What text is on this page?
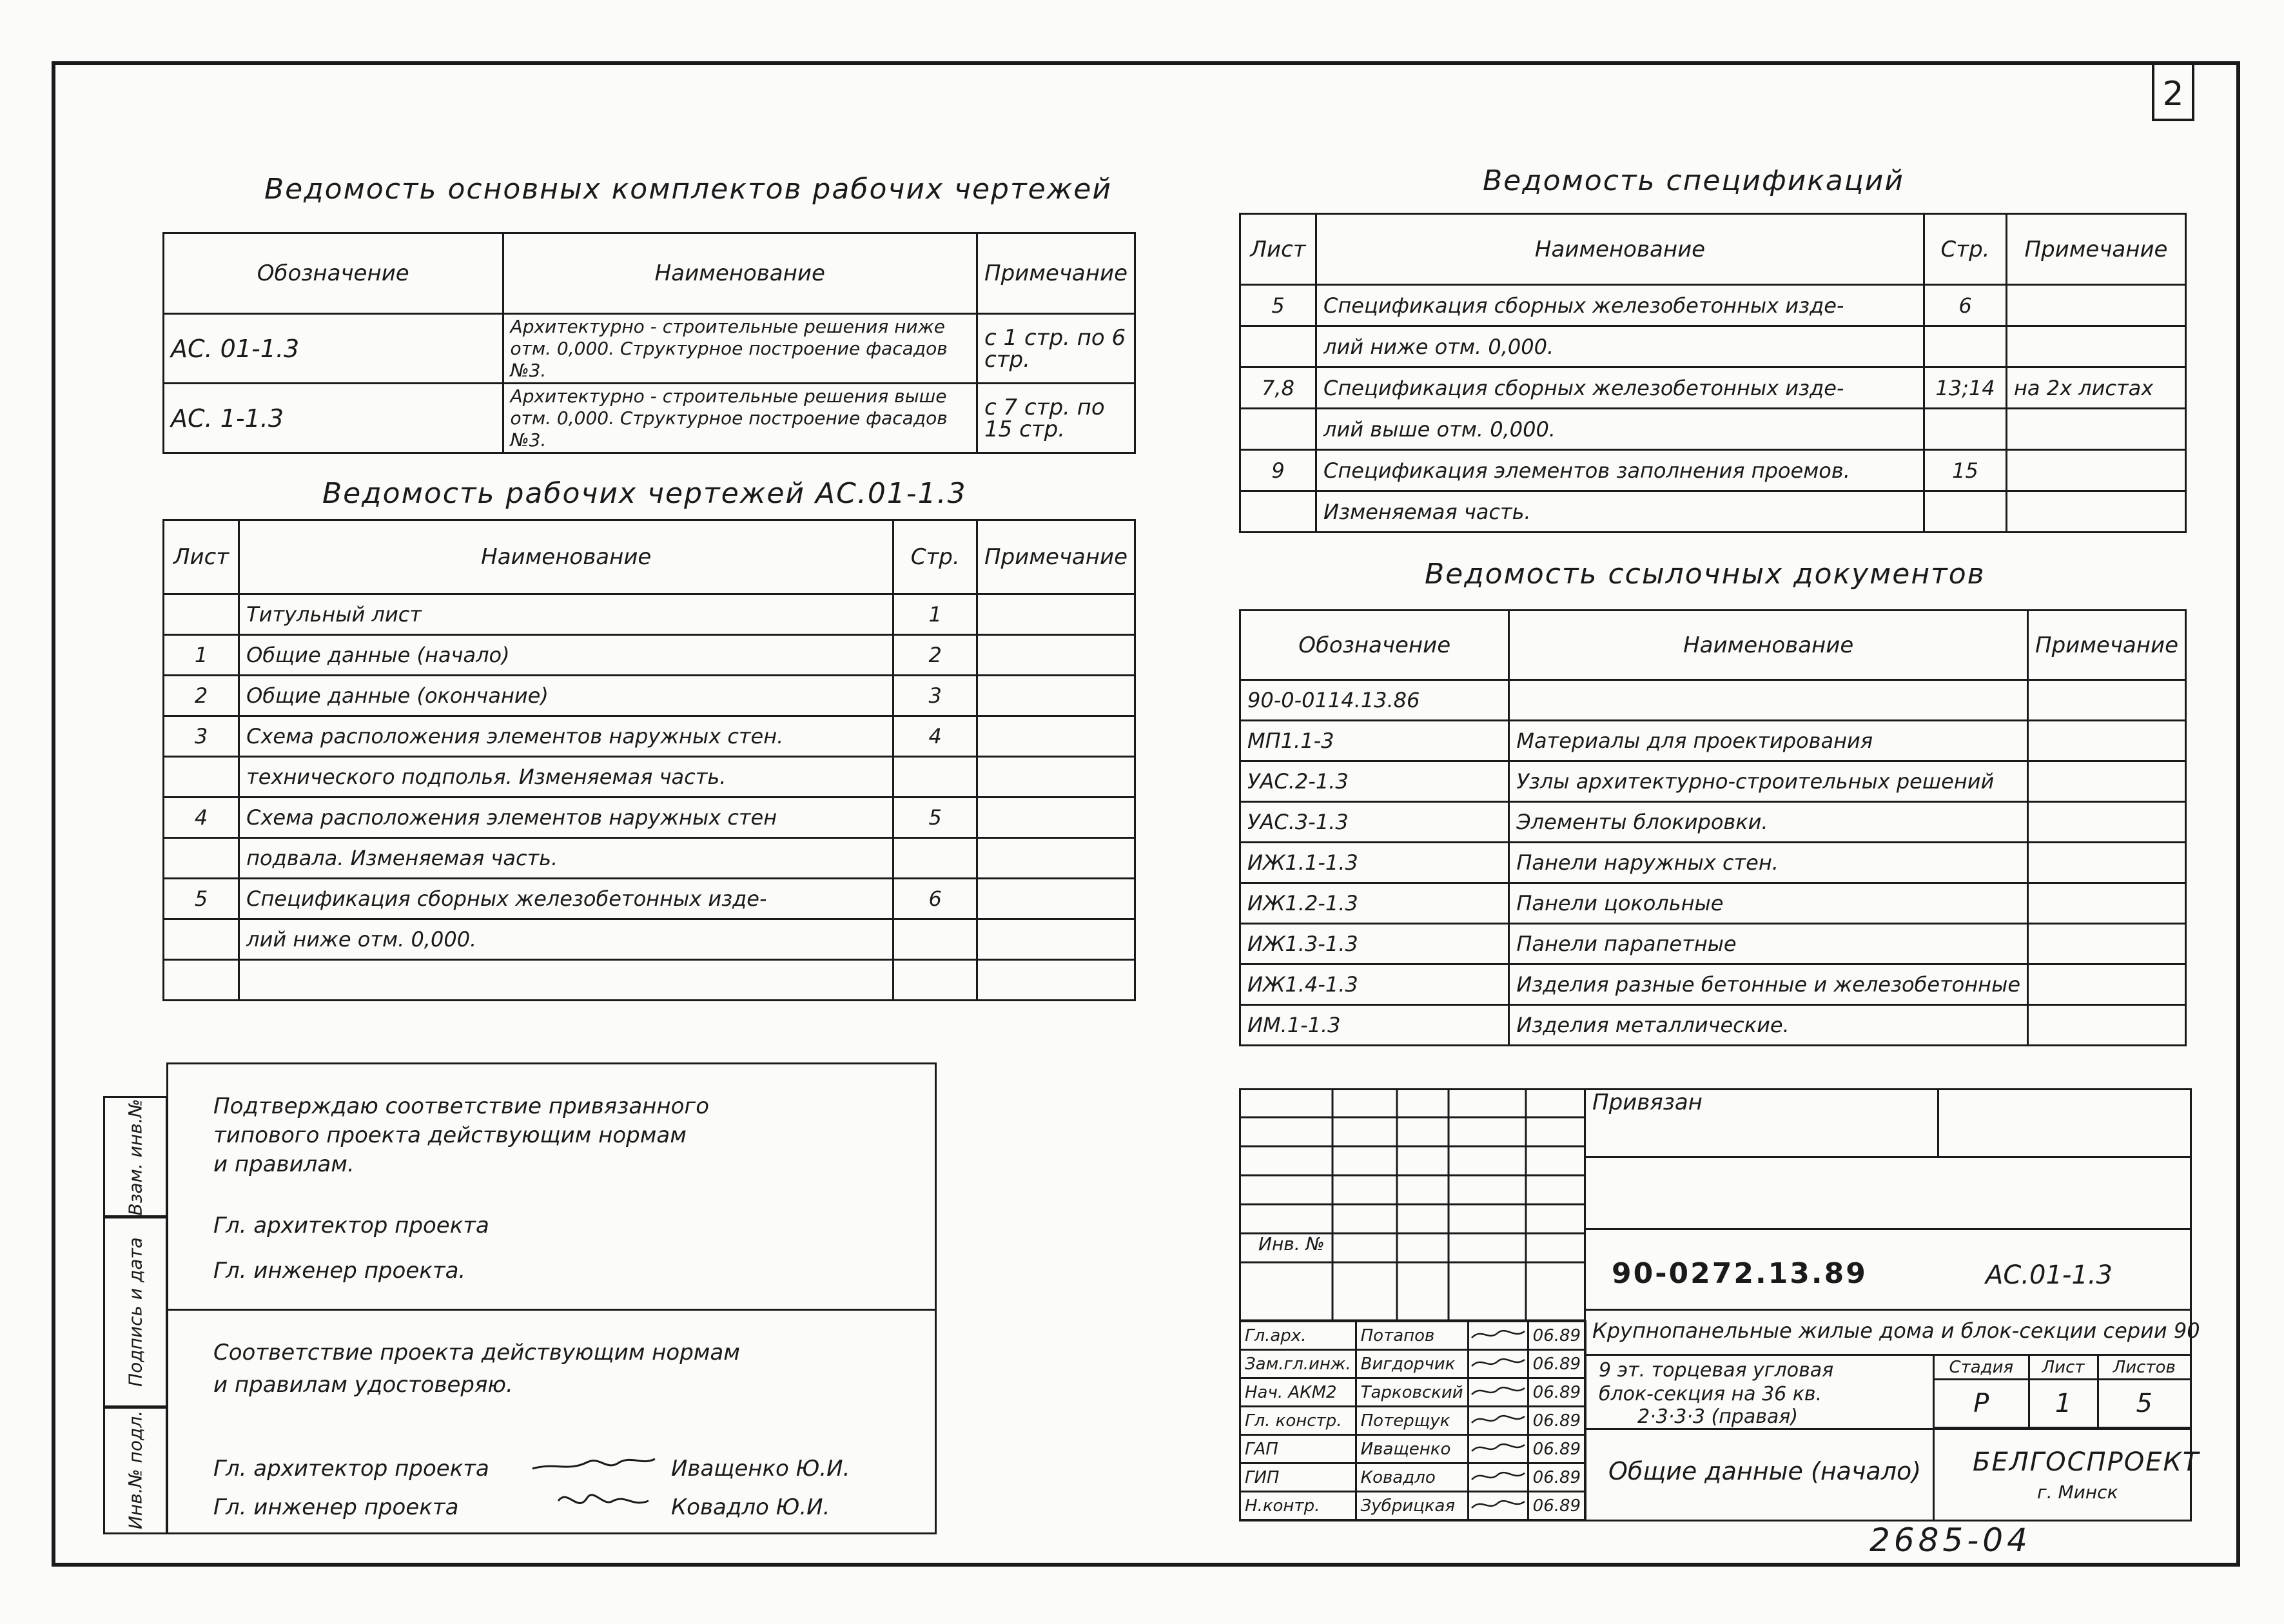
2
Ведомость основных комплектов рабочих чертежей
Обозначение	Наименование	Примечание
АС. 01-1.3	Архитектурно - строительные решения ниже отм. 0,000. Структурное построение фасадов №3.	с 1 стр. по 6 стр.
АС. 1-1.3	Архитектурно - строительные решения выше отм. 0,000. Структурное построение фасадов №3.	с 7 стр. по 15 стр.
Ведомость рабочих чертежей АС.01-1.3
Лист	Наименование	Стр.	Примечание
	Титульный лист	1	
1	Общие данные (начало)	2	
2	Общие данные (окончание)	3	
3	Схема расположения элементов наружных стен.	4	
	технического подполья. Изменяемая часть.		
4	Схема расположения элементов наружных стен	5	
	подвала. Изменяемая часть.		
5	Спецификация сборных железобетонных изде-	6	
	лий ниже отм. 0,000.		

Ведомость спецификаций
Лист	Наименование	Стр.	Примечание
5	Спецификация сборных железобетонных изде-	6	
	лий ниже отм. 0,000.		
7,8	Спецификация сборных железобетонных изде-	13;14	на 2х листах
	лий выше отм. 0,000.		
9	Спецификация элементов заполнения проемов.	15	
	Изменяемая часть.		
Ведомость ссылочных документов
Обозначение	Наименование	Примечание
90-0-0114.13.86		
МП1.1-3	Материалы для проектирования	
УАС.2-1.3	Узлы архитектурно-строительных решений	
УАС.3-1.3	Элементы блокировки.	
ИЖ1.1-1.3	Панели наружных стен.	
ИЖ1.2-1.3	Панели цокольные	
ИЖ1.3-1.3	Панели парапетные	
ИЖ1.4-1.3	Изделия разные бетонные и железобетонные	
ИМ.1-1.3	Изделия металлические.	
Подтверждаю соответствие привязанного
типового проекта действующим нормам
и правилам.
Гл. архитектор проекта
Гл. инженер проекта.
Соответствие проекта действующим нормам
и правилам удостоверяю.
Гл. архитектор проекта	Иващенко Ю.И.
Гл. инженер проекта	Ковадло Ю.И.
Инв.№ подл.
Подпись и дата
Взам. инв.№
Инв. №
Привязан
90-0272.13.89	АС.01-1.3
Гл.арх.	Потапов		06.89
Зам.гл.инж.	Вигдорчик		06.89
Нач. АКМ2	Тарковский		06.89
Гл. констр.	Потерщук		06.89
ГАП	Иващенко		06.89
ГИП	Ковадло		06.89
Н.контр.	Зубрицкая		06.89
Крупнопанельные жилые дома и блок-секции серии 90
9 эт. торцевая угловая
блок-секция на 36 кв.
2·3·3·3 (правая)
Стадия	Лист	Листов
Р	1	5
Общие данные (начало) БЕЛГОСПРОЕКТ
г. Минск
2685-04
